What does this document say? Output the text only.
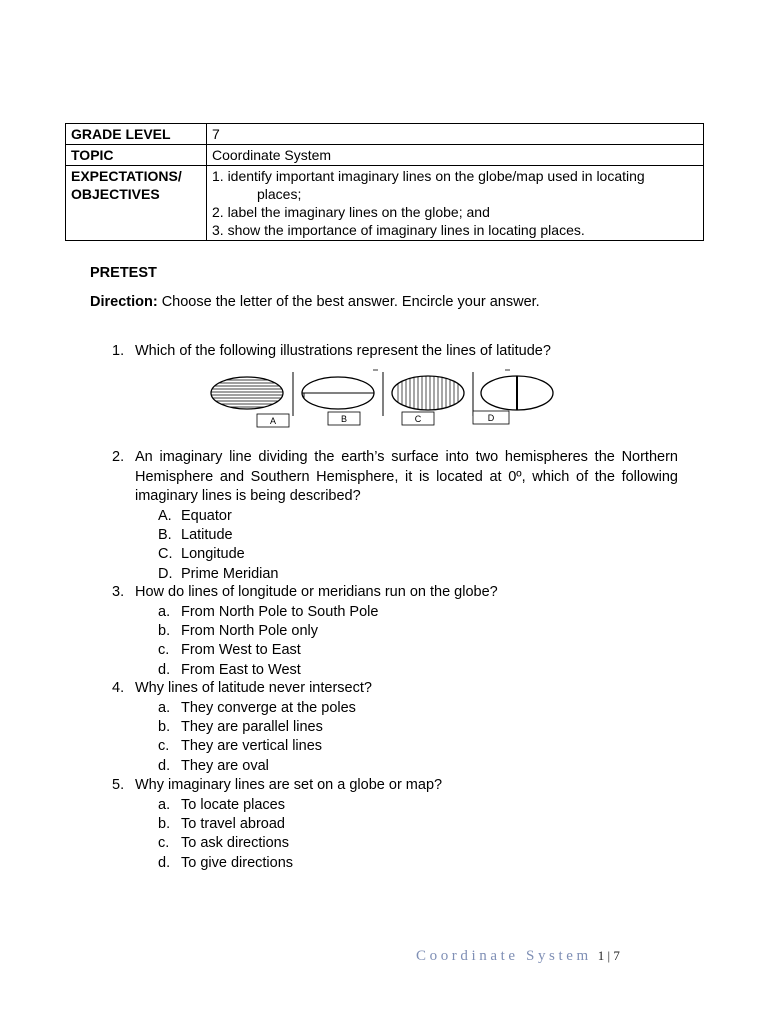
GRADE LEVEL	7
TOPIC	Coordinate System
EXPECTATIONS/ OBJECTIVES	1. identify important imaginary lines on the globe/map used in locating
places;
2. label the imaginary lines on the globe; and
3. show the importance of imaginary lines in locating places.
PRETEST
Direction: Choose the letter of the best answer. Encircle your answer.
1. Which of the following illustrations represent the lines of latitude?
A	B	C	D
2. An imaginary line dividing the earth’s surface into two hemispheres the Northern Hemisphere and Southern Hemisphere, it is located at 0º, which of the following imaginary lines is being described?
A. Equator
B. Latitude
C. Longitude
D. Prime Meridian
3. How do lines of longitude or meridians run on the globe?
a. From North Pole to South Pole
b. From North Pole only
c. From West to East
d. From East to West
4. Why lines of latitude never intersect?
a. They converge at the poles
b. They are parallel lines
c. They are vertical lines
d. They are oval
5. Why imaginary lines are set on a globe or map?
a. To locate places
b. To travel abroad
c. To ask directions
d. To give directions
Coordinate System 1 | 7
